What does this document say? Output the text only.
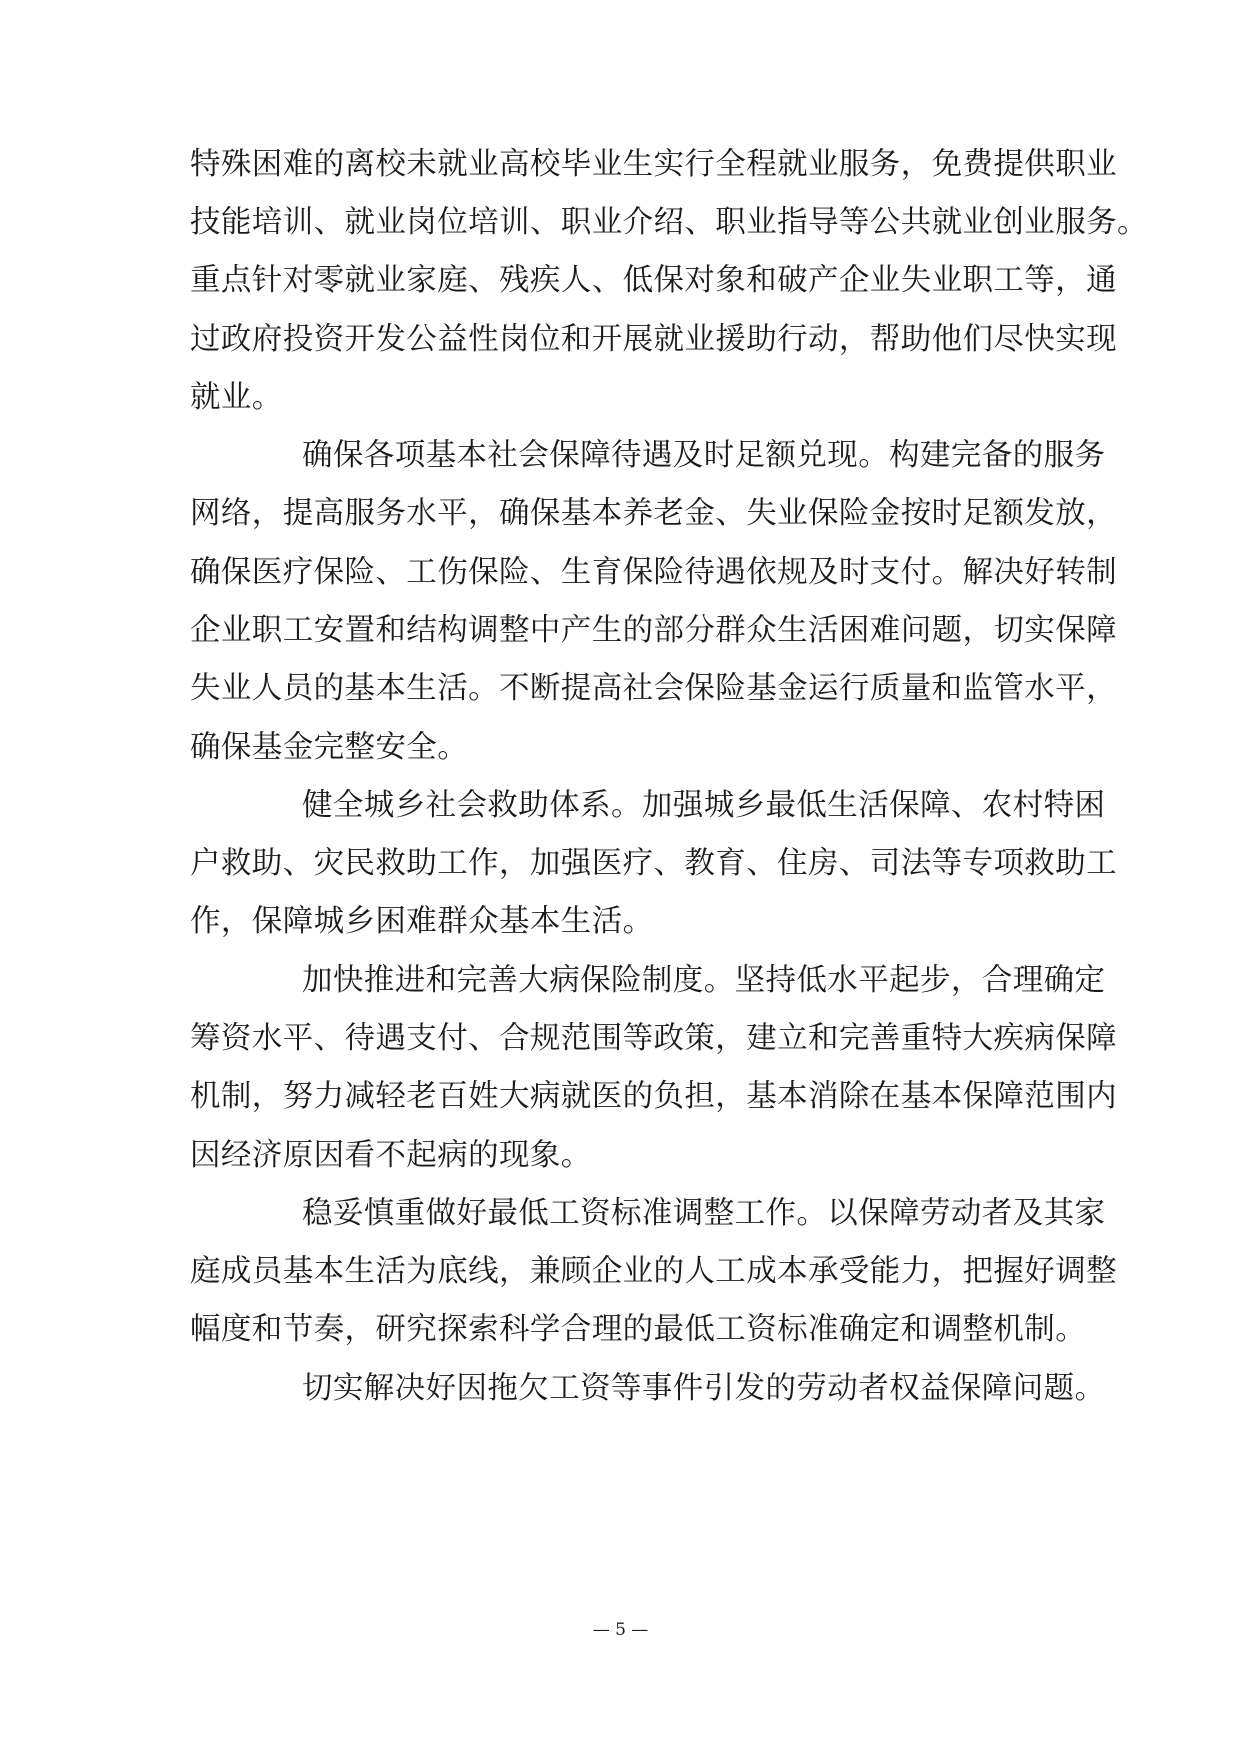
特殊困难的离校未就业高校毕业生实行全程就业服务，免费提供职业
技能培训、就业岗位培训、职业介绍、职业指导等公共就业创业服务。
重点针对零就业家庭、残疾人、低保对象和破产企业失业职工等，通
过政府投资开发公益性岗位和开展就业援助行动，帮助他们尽快实现
就业。
确保各项基本社会保障待遇及时足额兑现。构建完备的服务
网络，提高服务水平，确保基本养老金、失业保险金按时足额发放，
确保医疗保险、工伤保险、生育保险待遇依规及时支付。解决好转制
企业职工安置和结构调整中产生的部分群众生活困难问题，切实保障
失业人员的基本生活。不断提高社会保险基金运行质量和监管水平，
确保基金完整安全。
健全城乡社会救助体系。加强城乡最低生活保障、农村特困
户救助、灾民救助工作，加强医疗、教育、住房、司法等专项救助工
作，保障城乡困难群众基本生活。
加快推进和完善大病保险制度。坚持低水平起步，合理确定
筹资水平、待遇支付、合规范围等政策，建立和完善重特大疾病保障
机制，努力减轻老百姓大病就医的负担，基本消除在基本保障范围内
因经济原因看不起病的现象。
稳妥慎重做好最低工资标准调整工作。以保障劳动者及其家
庭成员基本生活为底线，兼顾企业的人工成本承受能力，把握好调整
幅度和节奏，研究探索科学合理的最低工资标准确定和调整机制。
切实解决好因拖欠工资等事件引发的劳动者权益保障问题。
— 5 —
